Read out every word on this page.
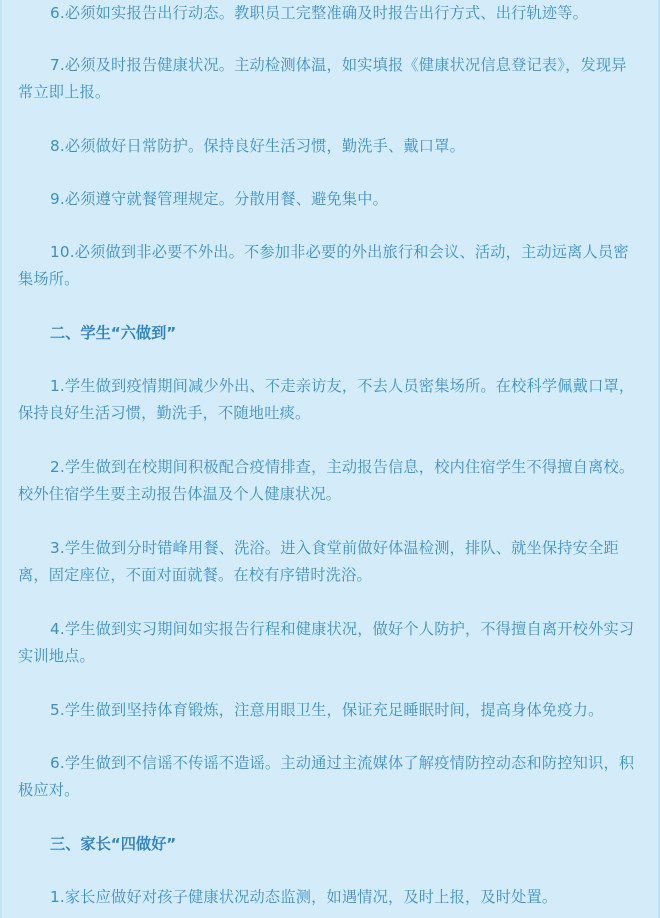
6.必须如实报告出行动态。教职员工完整准确及时报告出行方式、出行轨迹等。

7.必须及时报告健康状况。主动检测体温，如实填报《健康状况信息登记表》，发现异常立即上报。

8.必须做好日常防护。保持良好生活习惯，勤洗手、戴口罩。

9.必须遵守就餐管理规定。分散用餐、避免集中。

10.必须做到非必要不外出。不参加非必要的外出旅行和会议、活动，主动远离人员密集场所。

二、学生“六做到”

1.学生做到疫情期间减少外出、不走亲访友，不去人员密集场所。在校科学佩戴口罩，保持良好生活习惯，勤洗手，不随地吐痰。

2.学生做到在校期间积极配合疫情排查，主动报告信息，校内住宿学生不得擅自离校。校外住宿学生要主动报告体温及个人健康状况。

3.学生做到分时错峰用餐、洗浴。进入食堂前做好体温检测，排队、就坐保持安全距离，固定座位，不面对面就餐。在校有序错时洗浴。

4.学生做到实习期间如实报告行程和健康状况，做好个人防护，不得擅自离开校外实习实训地点。

5.学生做到坚持体育锻炼，注意用眼卫生，保证充足睡眠时间，提高身体免疫力。

6.学生做到不信谣不传谣不造谣。主动通过主流媒体了解疫情防控动态和防控知识，积极应对。

三、家长“四做好”

1.家长应做好对孩子健康状况动态监测，如遇情况，及时上报，及时处置。
